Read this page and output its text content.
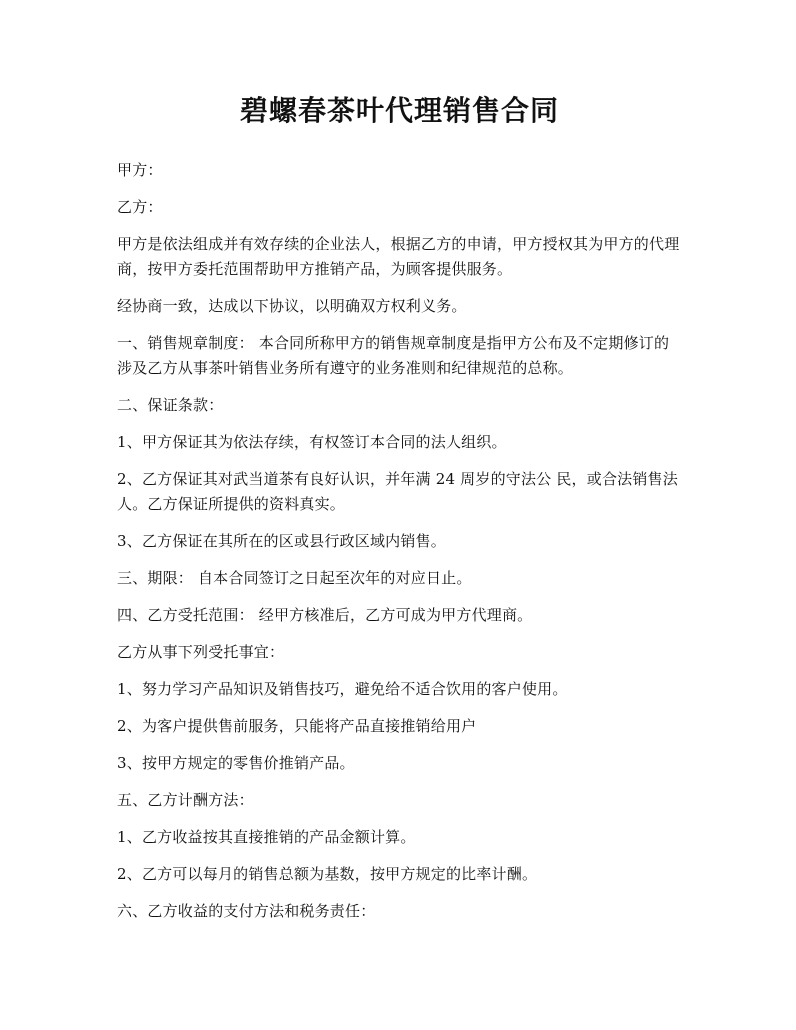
碧螺春茶叶代理销售合同

甲方：

乙方：

甲方是依法组成并有效存续的企业法人，根据乙方的申请，甲方授权其为甲方的代理商，按甲方委托范围帮助甲方推销产品，为顾客提供服务。

经协商一致，达成以下协议，以明确双方权利义务。

一、销售规章制度： 本合同所称甲方的销售规章制度是指甲方公布及不定期修订的涉及乙方从事茶叶销售业务所有遵守的业务准则和纪律规范的总称。

二、保证条款：

1、甲方保证其为依法存续，有权签订本合同的法人组织。

2、乙方保证其对武当道茶有良好认识，并年满 24 周岁的守法公 民，或合法销售法人。乙方保证所提供的资料真实。

3、乙方保证在其所在的区或县行政区域内销售。

三、期限： 自本合同签订之日起至次年的对应日止。

四、乙方受托范围： 经甲方核准后，乙方可成为甲方代理商。

乙方从事下列受托事宜：

1、努力学习产品知识及销售技巧，避免给不适合饮用的客户使用。

2、为客户提供售前服务，只能将产品直接推销给用户

3、按甲方规定的零售价推销产品。

五、乙方计酬方法：

1、乙方收益按其直接推销的产品金额计算。

2、乙方可以每月的销售总额为基数，按甲方规定的比率计酬。

六、乙方收益的支付方法和税务责任：
